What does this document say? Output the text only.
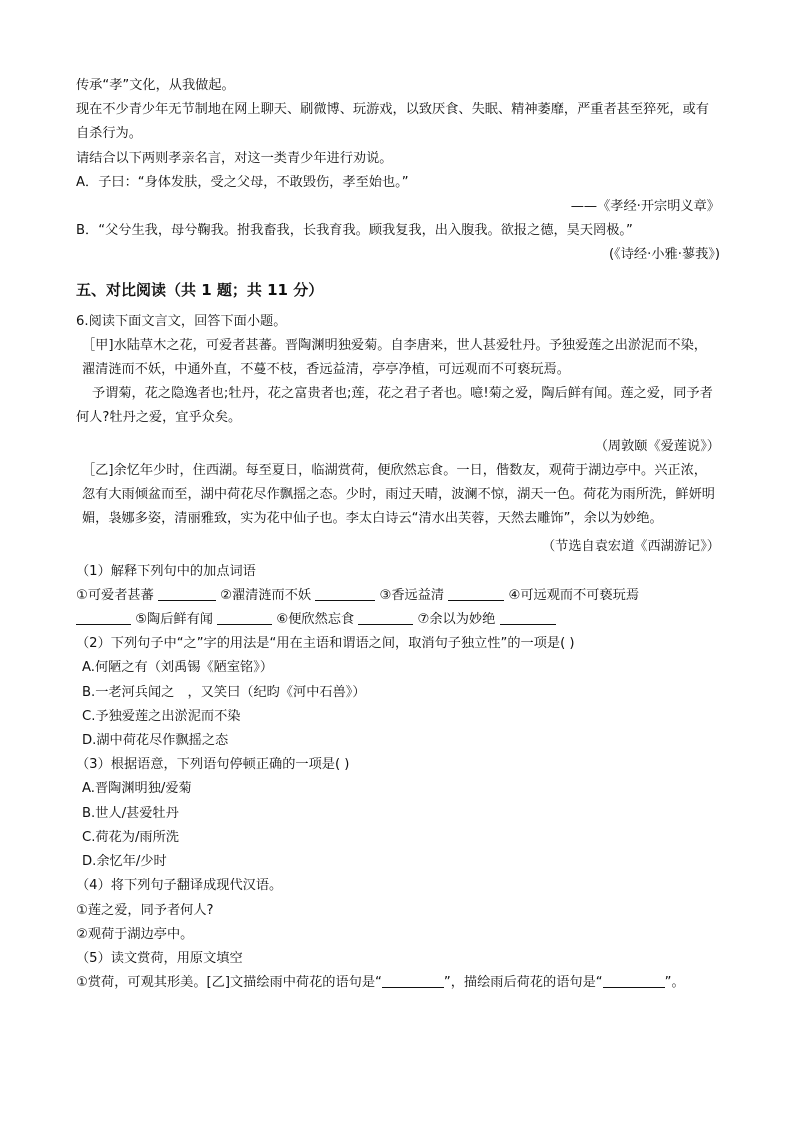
传承“孝”文化，从我做起。
现在不少青少年无节制地在网上聊天、刷微博、玩游戏，以致厌食、失眠、精神萎靡，严重者甚至猝死，或有自杀行为。
请结合以下两则孝亲名言，对这一类青少年进行劝说。
A．子曰：“身体发肤，受之父母，不敢毁伤，孝至始也。”
——《孝经·开宗明义章》
B．“父兮生我，母兮鞠我。拊我畜我，长我育我。顾我复我，出入腹我。欲报之德，昊天罔极。”
(《诗经·小雅·蓼莪》)
五、对比阅读（共 1 题；共 11 分）
6.阅读下面文言文，回答下面小题。
［甲]水陆草木之花，可爱者甚蕃。晋陶渊明独爱菊。自李唐来，世人甚爱牡丹。予独爱莲之出淤泥而不染，濯清涟而不妖，中通外直，不蔓不枝，香远益清，亭亭净植，可远观而不可亵玩焉。
予谓菊，花之隐逸者也;牡丹，花之富贵者也;莲，花之君子者也。噫!菊之爱，陶后鲜有闻。莲之爱，同予者何人?牡丹之爱，宜乎众矣。
（周敦颐《爱莲说》）
［乙]余忆年少时，住西湖。每至夏日，临湖赏荷，便欣然忘食。一日，偕数友，观荷于湖边亭中。兴正浓，忽有大雨倾盆而至，湖中荷花尽作飘摇之态。少时，雨过天晴，波澜不惊，湖天一色。荷花为雨所洗，鲜妍明媚，袅娜多姿，清丽雅致，实为花中仙子也。李太白诗云“清水出芙蓉，天然去雕饰”，余以为妙绝。
（节选自袁宏道《西湖游记》）
（1）解释下列句中的加点词语
①可爱者甚蕃	②濯清涟而不妖	③香远益清	④可远观而不可亵玩焉
⑤陶后鲜有闻	⑥便欣然忘食	⑦余以为妙绝
（2）下列句子中“之”字的用法是“用在主语和谓语之间，取消句子独立性”的一项是( )
A.何陋之有（刘禹锡《陋室铭》）
B.一老河兵闻之　，又笑曰（纪昀《河中石兽》）
C.予独爱莲之出淤泥而不染
D.湖中荷花尽作飘摇之态
（3）根据语意，下列语句停顿正确的一项是( )
A.晋陶渊明独/爱菊
B.世人/甚爱牡丹
C.荷花为/雨所洗
D.余忆年/少时
（4）将下列句子翻译成现代汉语。
①莲之爱，同予者何人?
②观荷于湖边亭中。
（5）读文赏荷，用原文填空
①赏荷，可观其形美。[乙]文描绘雨中荷花的语句是“	”，描绘雨后荷花的语句是“	”。
